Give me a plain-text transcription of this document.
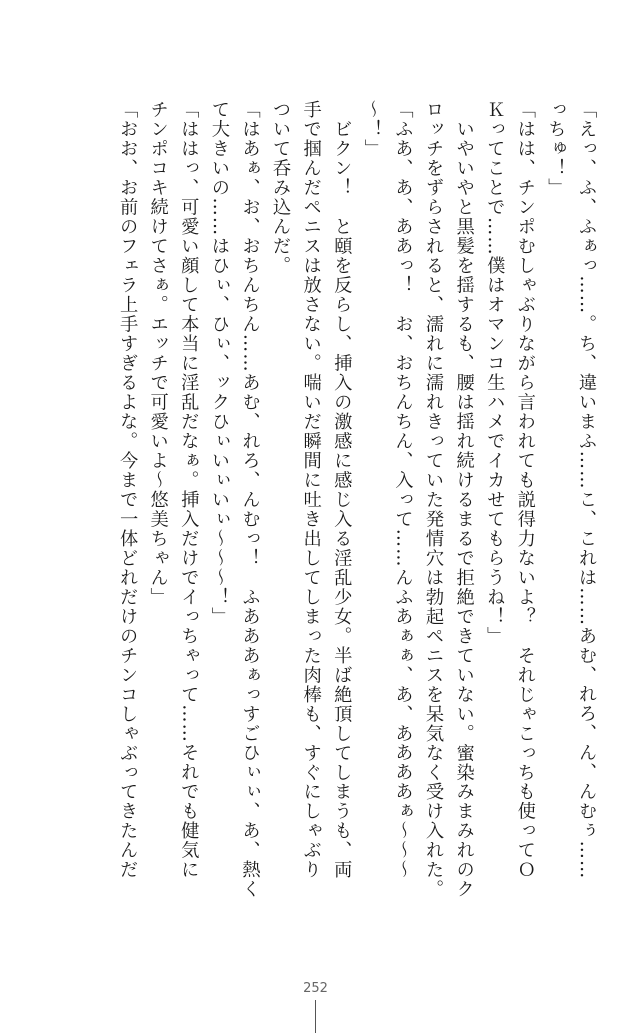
「えっ、ふ、ふぁっ……。ち、違いまふ……こ、これは……あむ、れろ、ん、んむぅ……

っちゅ！」

「はは、チンポむしゃぶりながら言われても説得力ないよ？　それじゃこっちも使ってＯ

Ｋってことで……僕はオマンコ生ハメでイカせてもらうね！」

　いやいやと黒髪を揺するも、腰は揺れ続けるまるで拒絶できていない。蜜染みまみれのク

ロッチをずらされると、濡れに濡れきっていた発情穴は勃起ペニスを呆気なく受け入れた。

「ふあ、あ、ああっ！　お、おちんちん、入って……んふあぁぁ、あ、ああああぁ〜〜〜

〜！」

　ビクン！　と頤を反らし、挿入の激感に感じ入る淫乱少女。半ば絶頂してしまうも、両

手で掴んだペニスは放さない。喘いだ瞬間に吐き出してしまった肉棒も、すぐにしゃぶり

ついて呑み込んだ。

「はあぁ、お、おちんちん……あむ、れろ、んむっ！　ふあああぁっすごひぃぃ、あ、熱く

て大きいの……はひぃ、ひぃ、ックひぃいぃいぃ〜〜〜！」

「ははっ、可愛い顔して本当に淫乱だなぁ。挿入だけでイっちゃって……それでも健気に

チンポコキ続けてさぁ。エッチで可愛いよ〜悠美ちゃん」

「おお、お前のフェラ上手すぎるよな。今まで一体どれだけのチンコしゃぶってきたんだ

252
